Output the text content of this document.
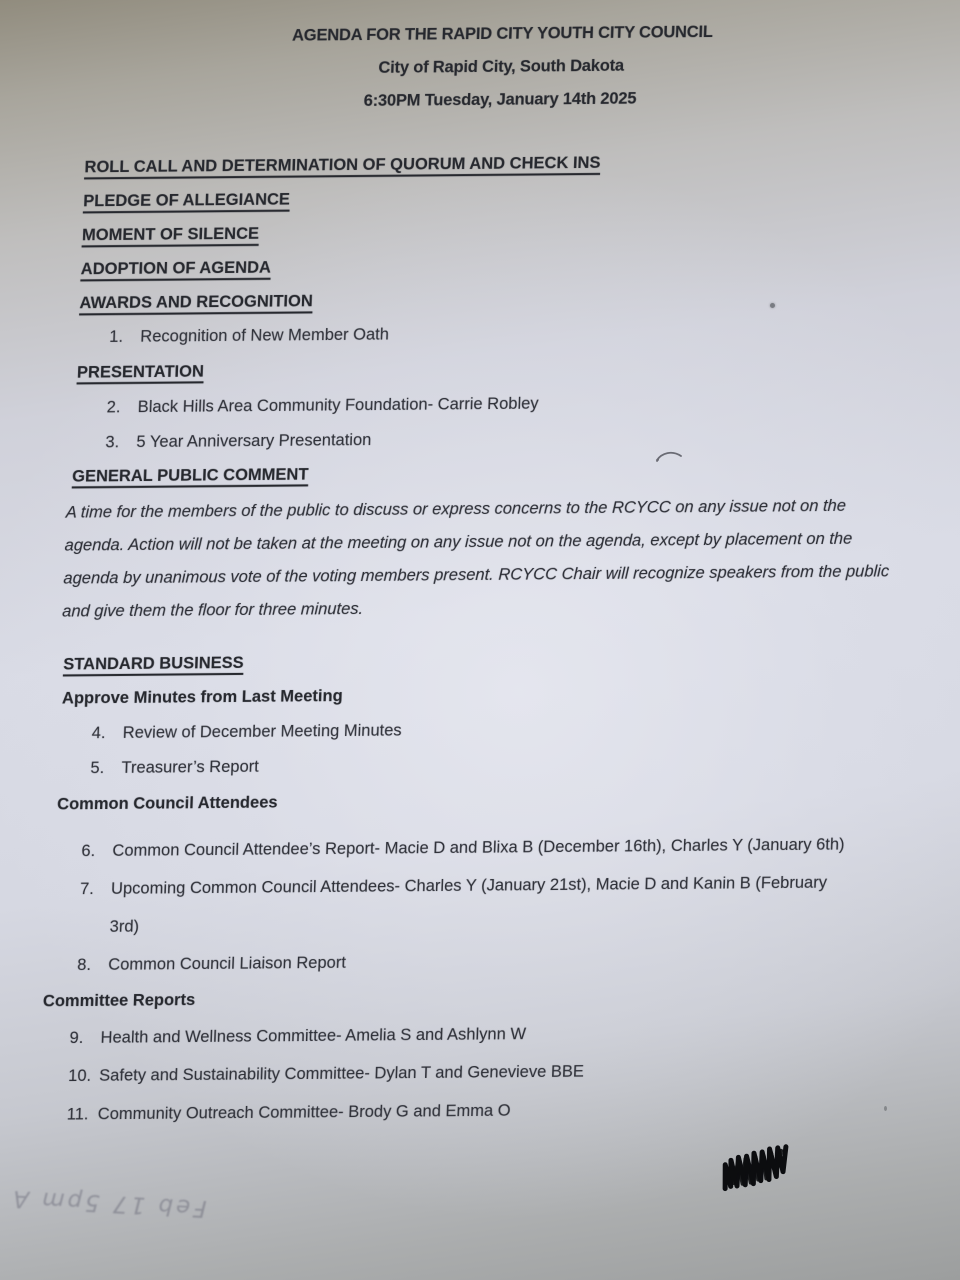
AGENDA FOR THE RAPID CITY YOUTH CITY COUNCIL
City of Rapid City, South Dakota
6:30PM Tuesday, January 14th 2025
ROLL CALL AND DETERMINATION OF QUORUM AND CHECK INS
PLEDGE OF ALLEGIANCE
MOMENT OF SILENCE
ADOPTION OF AGENDA
AWARDS AND RECOGNITION
1.	Recognition of New Member Oath
PRESENTATION
2.	Black Hills Area Community Foundation- Carrie Robley
3.	5 Year Anniversary Presentation
GENERAL PUBLIC COMMENT
A time for the members of the public to discuss or express concerns to the RCYCC on any issue not on the agenda. Action will not be taken at the meeting on any issue not on the agenda, except by placement on the agenda by unanimous vote of the voting members present. RCYCC Chair will recognize speakers from the public and give them the floor for three minutes.
STANDARD BUSINESS
Approve Minutes from Last Meeting
4.	Review of December Meeting Minutes
5.	Treasurer’s Report
Common Council Attendees
6.	Common Council Attendee’s Report- Macie D and Blixa B (December 16th), Charles Y (January 6th)
7.	Upcoming Common Council Attendees- Charles Y (January 21st), Macie D and Kanin B (February 3rd)
8.	Common Council Liaison Report
Committee Reports
9.	Health and Wellness Committee- Amelia S and Ashlynn W
10. Safety and Sustainability Committee- Dylan T and Genevieve BBE
11. Community Outreach Committee- Brody G and Emma O
Feb 17 5pm A
